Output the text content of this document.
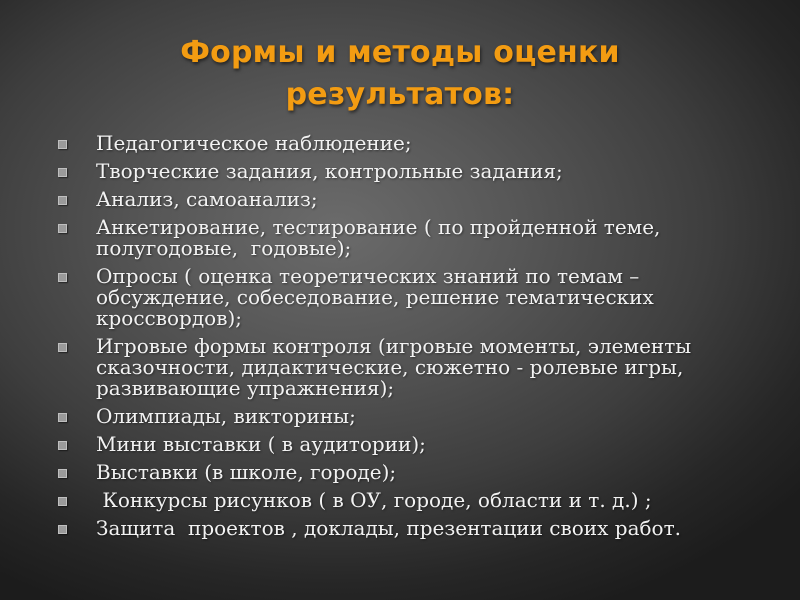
Формы и методы оценки
результатов:
Педагогическое наблюдение;
Творческие задания, контрольные задания;
Анализ, самоанализ;
Анкетирование, тестирование ( по пройденной теме, полугодовые,  годовые);
Опросы ( оценка теоретических знаний по темам – обсуждение, собеседование, решение тематических кроссвордов);
Игровые формы контроля (игровые моменты, элементы сказочности, дидактические, сюжетно - ролевые игры, развивающие упражнения);
Олимпиады, викторины;
Мини выставки ( в аудитории);
Выставки (в школе, городе);
Конкурсы рисунков ( в ОУ, городе, области и т. д.) ;
Защита  проектов , доклады, презентации своих работ.
